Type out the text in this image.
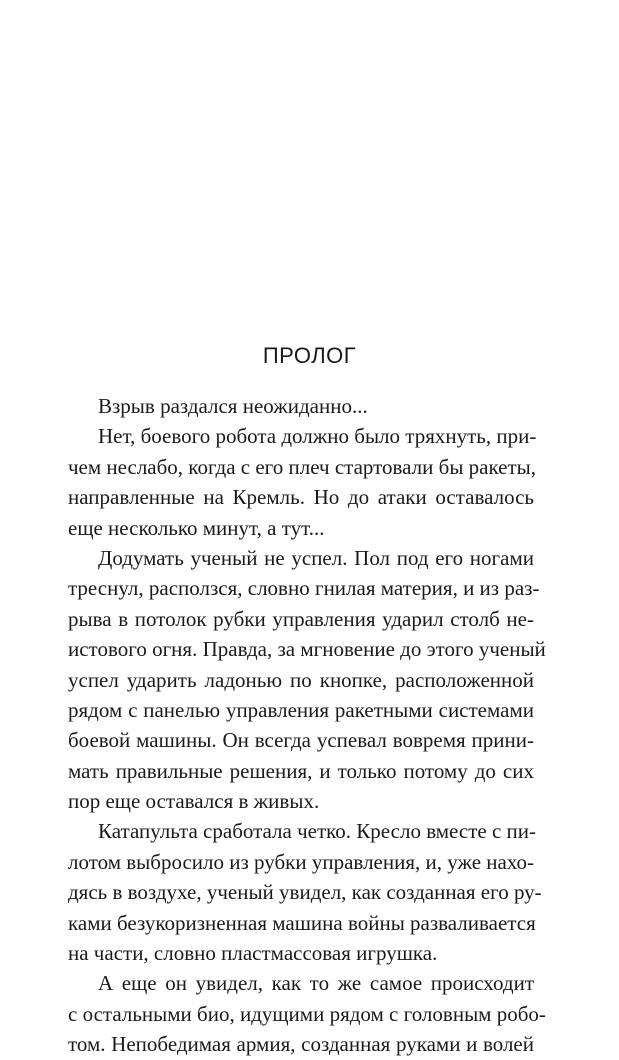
ПРОЛОГ
Взрыв раздался неожиданно...
Нет, боевого робота должно было тряхнуть, при-
чем неслабо, когда с его плеч стартовали бы ракеты,
направленные на Кремль. Но до атаки оставалось
еще несколько минут, а тут...
Додумать ученый не успел. Пол под его ногами
треснул, расползся, словно гнилая материя, и из раз-
рыва в потолок рубки управления ударил столб не-
истового огня. Правда, за мгновение до этого ученый
успел ударить ладонью по кнопке, расположенной
рядом с панелью управления ракетными системами
боевой машины. Он всегда успевал вовремя прини-
мать правильные решения, и только потому до сих
пор еще оставался в живых.
Катапульта сработала четко. Кресло вместе с пи-
лотом выбросило из рубки управления, и, уже нахо-
дясь в воздухе, ученый увидел, как созданная его ру-
ками безукоризненная машина войны разваливается
на части, словно пластмассовая игрушка.
А еще он увидел, как то же самое происходит
с остальными био, идущими рядом с головным робо-
том. Непобедимая армия, созданная руками и волей
